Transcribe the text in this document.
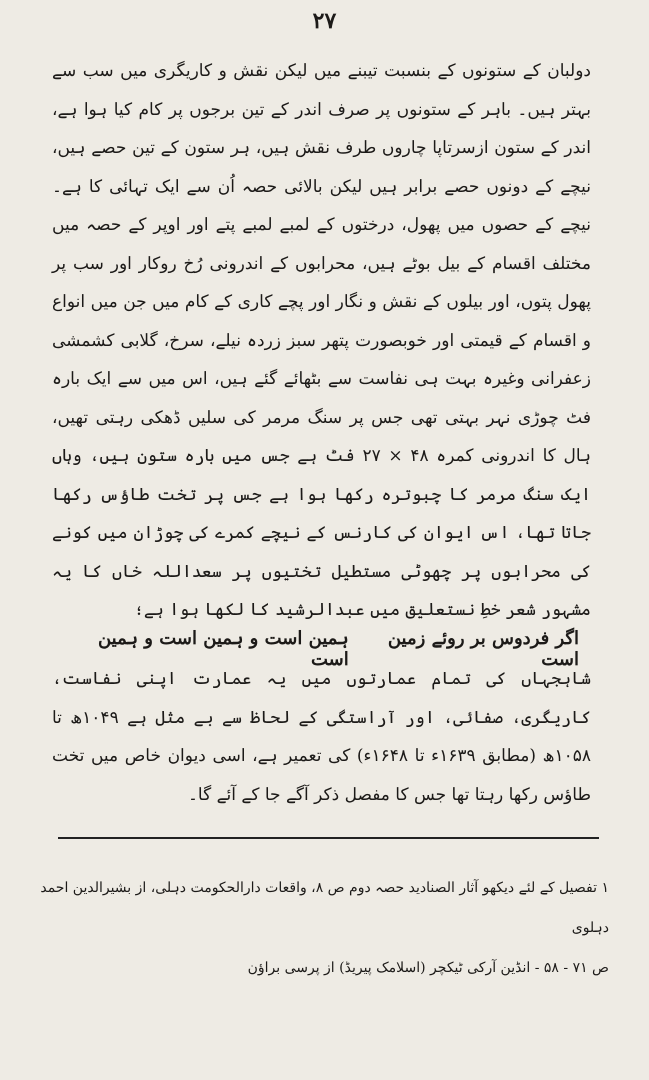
۲۷

دولبان کے ستونوں کے بنسبت تیبنے میں لیکن نقش و کاریگری میں سب سے بہتر ہیں۔ باہر کے ستونوں پر صرف اندر کے تین برجوں پر کام کیا ہوا ہے، اندر کے ستون ازسرتاپا چاروں طرف نقش ہیں، ہر ستون کے تین حصے ہیں، نیچے کے دونوں حصے برابر ہیں لیکن بالائی حصہ اُن سے ایک تہائی کا ہے۔ نیچے کے حصوں میں پھول، درختوں کے لمبے لمبے پتے اور اوپر کے حصہ میں مختلف اقسام کے بیل بوٹے ہیں، محرابوں کے اندرونی رُخ روکار اور سب پر پھول پتوں، اور بیلوں کے نقش و نگار اور پچے کاری کے کام میں جن میں انواع و اقسام کے قیمتی اور خوبصورت پتھر سبز زردہ نیلے، سرخ، گلابی کشمشی زعفرانی وغیرہ بہت ہی نفاست سے بٹھائے گئے ہیں، اس میں سے ایک بارہ فٹ چوڑی نہر بہتی تھی جس پر سنگ مرمر کی سلیں ڈھکی رہتی تھیں، ہال کا اندرونی کمرہ ۴۸ × ۲۷ فٹ ہے جس میں بارہ ستون ہیں، وہاں ایک سنگ مرمر کا چبوترہ رکھا ہوا ہے جس پر تخت طاؤس رکھا جاتا تھا، اس ایوان کی کارنس کے نیچے کمرے کی چوڑان میں کونے کی محرابوں پر چھوٹی مستطیل تختیوں پر سعداللہ خاں کا یہ مشہور شعر خطِ نستعلیق میں عبدالرشید کا لکھا ہوا ہے؛

اگر فردوس بر روئے زمین است
ہمین است و ہمین است و ہمین است

شاہجہاں کی تمام عمارتوں میں یہ عمارت اپنی نفاست، کاریگری، صفائی، اور آراستگی کے لحاظ سے بے مثل ہے ۱۰۴۹ھ تا ۱۰۵۸ھ (مطابق ۱۶۳۹ء تا ۱۶۴۸ء) کی تعمیر ہے، اسی دیوان خاص میں تخت طاؤس رکھا رہتا تھا جس کا مفصل ذکر آگے جا کے آئے گا۔

۱ تفصیل کے لئے دیکھو آثار الصنادید حصہ دوم ص ۸، واقعات دارالحکومت دہلی، از بشیرالدین احمد دہلوی

ص ۷۱ - ۵۸ - انڈین آرکی ٹیکچر (اسلامک پیریڈ) از پرسی براؤن
